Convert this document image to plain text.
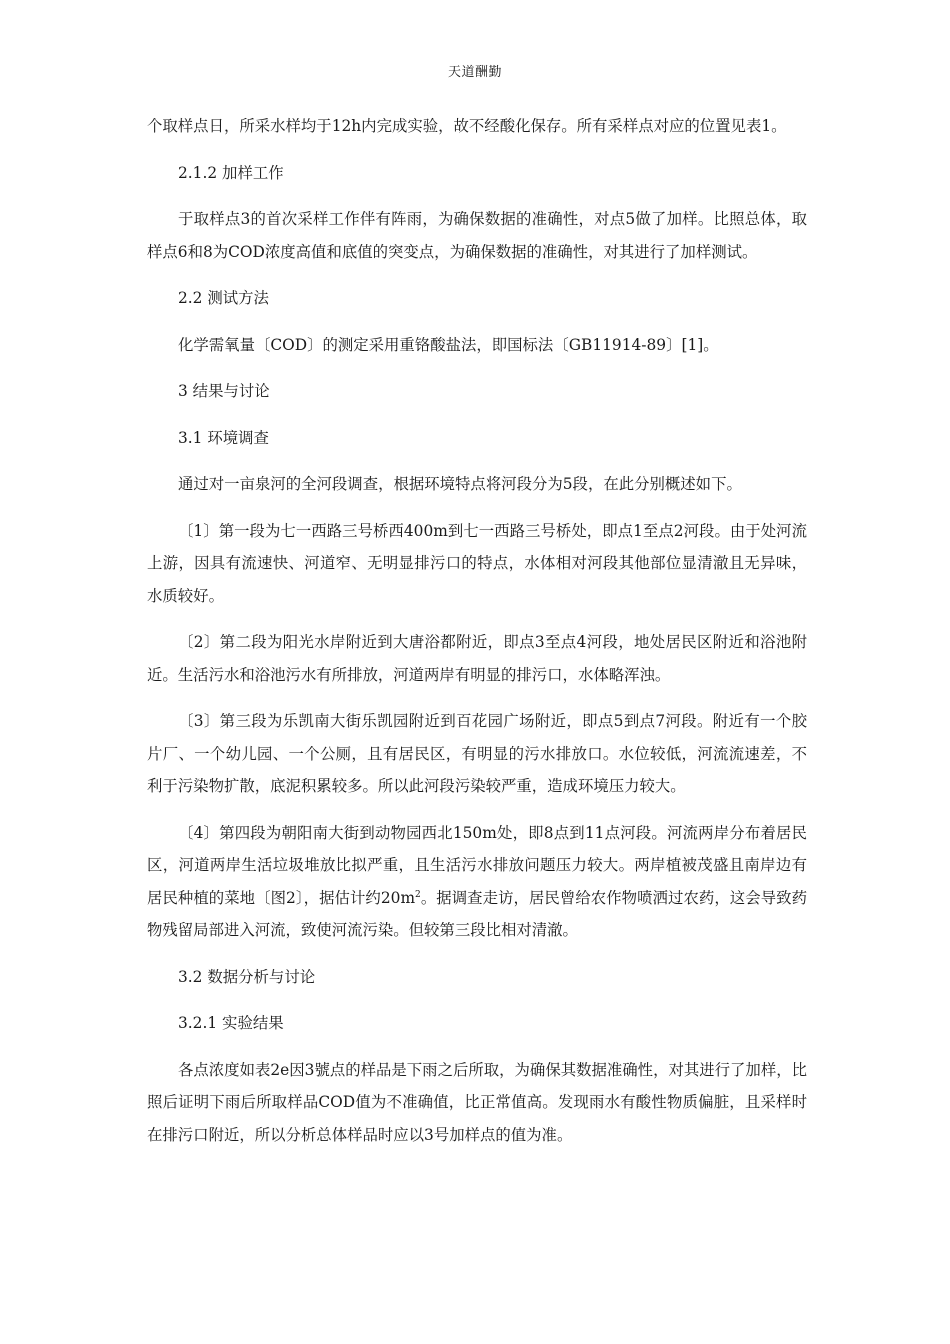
天道酬勤

个取样点日，所采水样均于12h内完成实验，故不经酸化保存。所有采样点对应的位置见表1。

2.1.2 加样工作

于取样点3的首次采样工作伴有阵雨，为确保数据的准确性，对点5做了加样。比照总体，取样点6和8为COD浓度高值和底值的突变点，为确保数据的准确性，对其进行了加样测试。

2.2 测试方法

化学需氧量〔COD〕的测定采用重铬酸盐法，即国标法〔GB11914-89〕[1]。

3 结果与讨论

3.1 环境调查

通过对一亩泉河的全河段调查，根据环境特点将河段分为5段，在此分别概述如下。

〔1〕第一段为七一西路三号桥西400m到七一西路三号桥处，即点1至点2河段。由于处河流上游，因具有流速快、河道窄、无明显排污口的特点，水体相对河段其他部位显清澈且无异味，水质较好。

〔2〕第二段为阳光水岸附近到大唐浴都附近，即点3至点4河段，地处居民区附近和浴池附近。生活污水和浴池污水有所排放，河道两岸有明显的排污口，水体略浑浊。

〔3〕第三段为乐凯南大街乐凯园附近到百花园广场附近，即点5到点7河段。附近有一个胶片厂、一个幼儿园、一个公厕，且有居民区，有明显的污水排放口。水位较低，河流流速差，不利于污染物扩散，底泥积累较多。所以此河段污染较严重，造成环境压力较大。

〔4〕第四段为朝阳南大街到动物园西北150m处，即8点到11点河段。河流两岸分布着居民区，河道两岸生活垃圾堆放比拟严重，且生活污水排放问题压力较大。两岸植被茂盛且南岸边有居民种植的菜地〔图2〕，据估计约$20m^2$。据调查走访，居民曾给农作物喷洒过农药，这会导致药物残留局部进入河流，致使河流污染。但较第三段比相对清澈。

3.2 数据分析与讨论

3.2.1 实验结果

各点浓度如表2e因3號点的样品是下雨之后所取，为确保其数据准确性，对其进行了加样，比照后证明下雨后所取样品COD值为不准确值，比正常值高。发现雨水有酸性物质偏脏，且采样时在排污口附近，所以分析总体样品时应以3号加样点的值为准。
